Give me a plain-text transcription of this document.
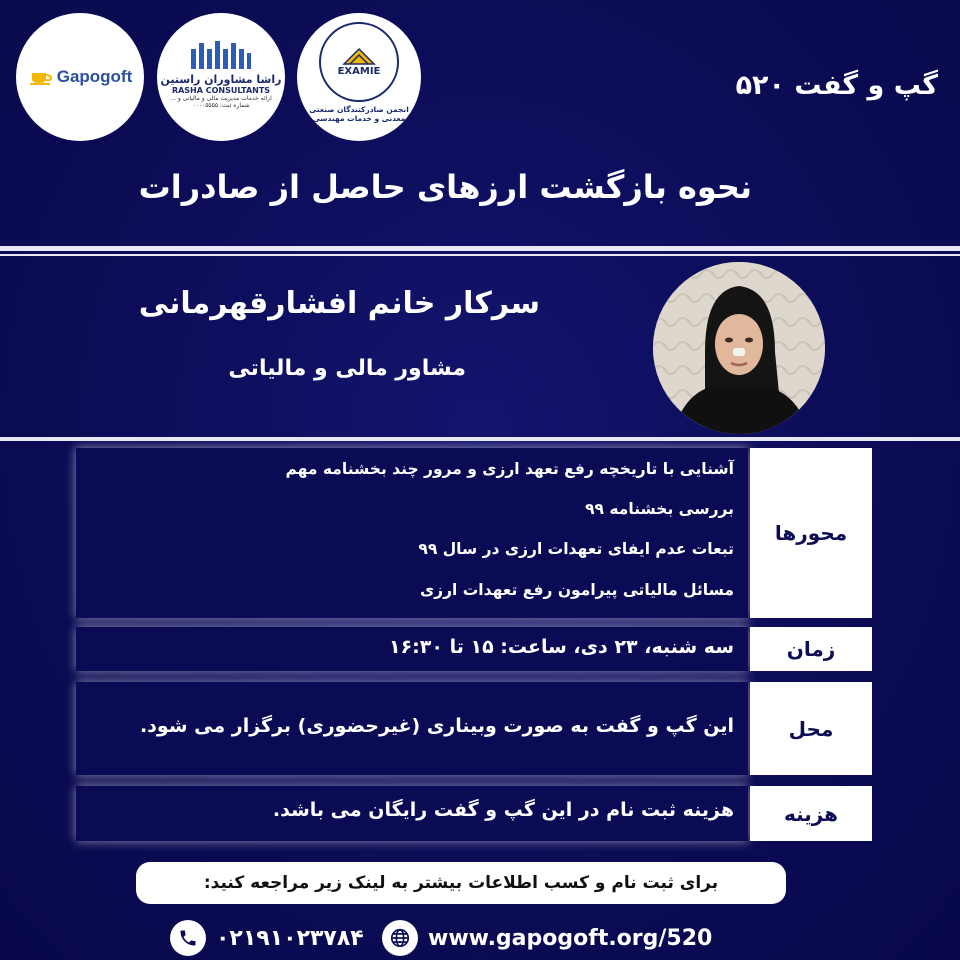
Gapogoft	راشا مشاوران راستین
RASHA CONSULTANTS
ارائه خدمات مدیریت مالی و مالیاتی و ...
شماره ثبت: ۰۰۰۰۵۵۵۵
EXAMIE
انجمن صادرکنندگان صنعتی
معدنی و خدمات مهندسی
گپ و گفت ۵۲۰
نحوه بازگشت ارزهای حاصل از صادرات
سرکار خانم افشارقهرمانی
مشاور مالی و مالیاتی
آشنایی با تاریخچه رفع تعهد ارزی و مرور چند بخشنامه مهم
بررسی بخشنامه ۹۹
تبعات عدم ایفای تعهدات ارزی در سال ۹۹
مسائل مالیاتی پیرامون رفع تعهدات ارزی
محورها
سه شنبه، ۲۳ دی، ساعت: ۱۵ تا ۱۶:۳۰	زمان
این گپ و گفت به صورت وبیناری (غیرحضوری) برگزار می شود.	محل
هزینه ثبت نام در این گپ و گفت رایگان می باشد.	هزینه
برای ثبت نام و کسب اطلاعات بیشتر به لینک زیر مراجعه کنید:
۰۲۱۹۱۰۲۳۷۸۴	www.gapogoft.org/520
